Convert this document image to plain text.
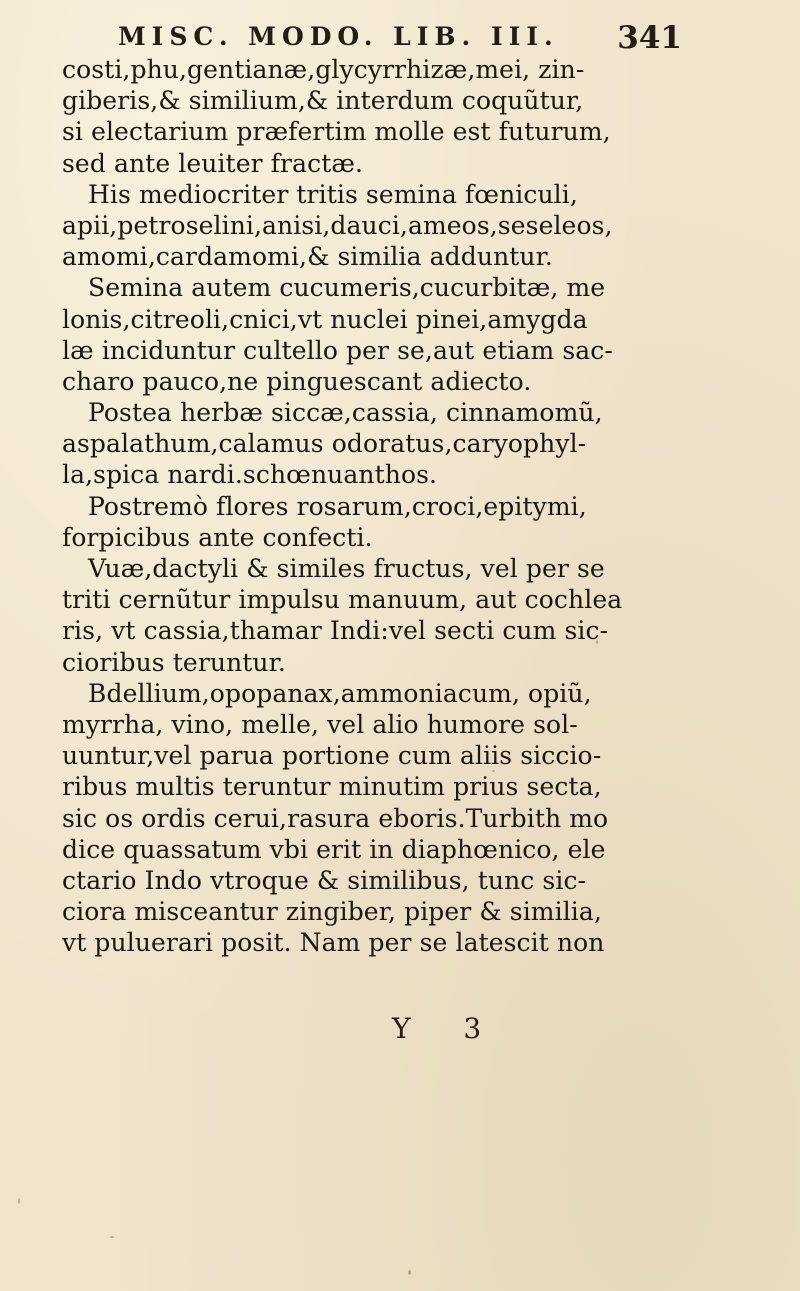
MISC. MODO. LIB. III. 341
costi,phu,gentianæ,glycyrrhizæ,mei, zin-
giberis,& similium,& interdum coquũtur,
si electarium præfertim molle est futurum,
sed ante leuiter fractæ.
His mediocriter tritis semina fœniculi,
apii,petroselini,anisi,dauci,ameos,seseleos,
amomi,cardamomi,& similia adduntur.
Semina autem cucumeris,cucurbitæ, me
lonis,citreoli,cnici,vt nuclei pinei,amygda
læ inciduntur cultello per se,aut etiam sac-
charo pauco,ne pinguescant adiecto.
Postea herbæ siccæ,cassia, cinnamomũ,
aspalathum,calamus odoratus,caryophyl-
la,spica nardi.schœnuanthos.
Postremò flores rosarum,croci,epitymi,
forpicibus ante confecti.
Vuæ,dactyli & similes fructus, vel per se
triti cernũtur impulsu manuum, aut cochlea
ris, vt cassia,thamar Indi:vel secti cum sic-
cioribus teruntur.
Bdellium,opopanax,ammoniacum, opiũ,
myrrha, vino, melle, vel alio humore sol-
uuntur,vel parua portione cum aliis siccio-
ribus multis teruntur minutim prius secta,
sic os ordis cerui,rasura eboris.Turbith mo
dice quassatum vbi erit in diaphœnico, ele
ctario Indo vtroque & similibus, tunc sic-
ciora misceantur zingiber, piper & similia,
vt puluerari posit. Nam per se latescit non
Y 3
